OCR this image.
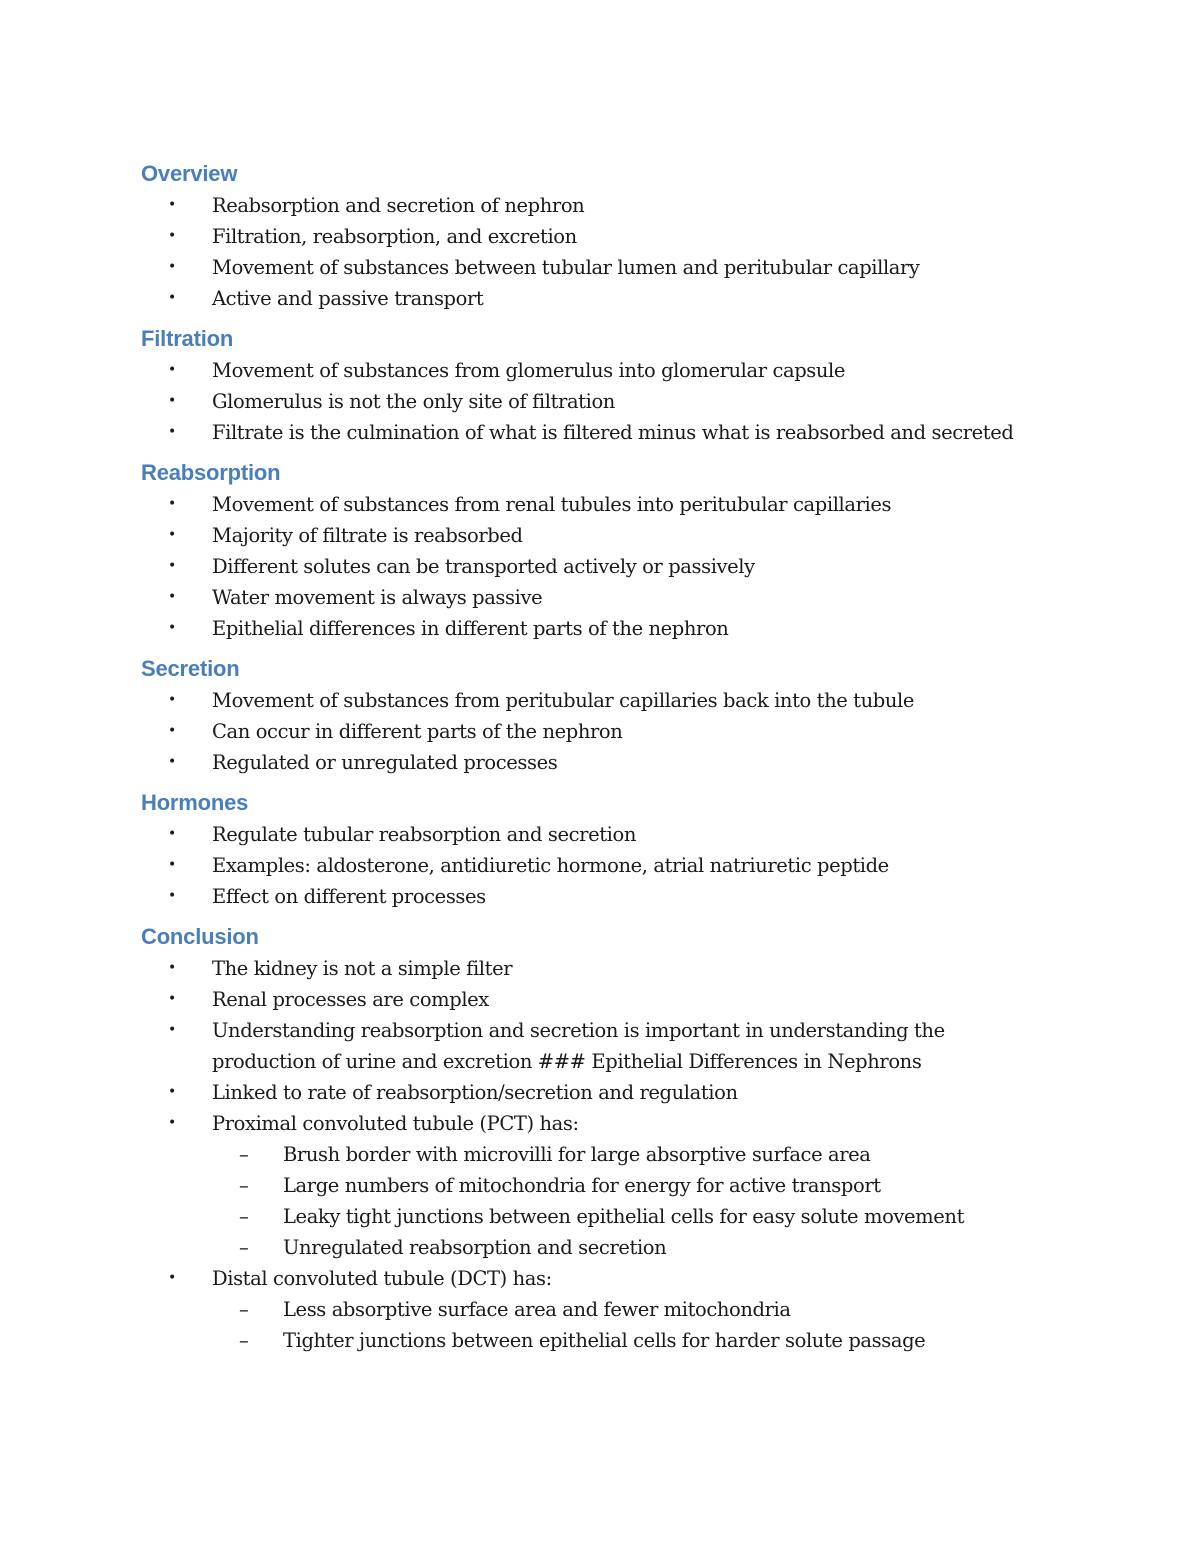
Overview
• Reabsorption and secretion of nephron
• Filtration, reabsorption, and excretion
• Movement of substances between tubular lumen and peritubular capillary
• Active and passive transport
Filtration
• Movement of substances from glomerulus into glomerular capsule
• Glomerulus is not the only site of filtration
• Filtrate is the culmination of what is filtered minus what is reabsorbed and secreted
Reabsorption
• Movement of substances from renal tubules into peritubular capillaries
• Majority of filtrate is reabsorbed
• Different solutes can be transported actively or passively
• Water movement is always passive
• Epithelial differences in different parts of the nephron
Secretion
• Movement of substances from peritubular capillaries back into the tubule
• Can occur in different parts of the nephron
• Regulated or unregulated processes
Hormones
• Regulate tubular reabsorption and secretion
• Examples: aldosterone, antidiuretic hormone, atrial natriuretic peptide
• Effect on different processes
Conclusion
• The kidney is not a simple filter
• Renal processes are complex
• Understanding reabsorption and secretion is important in understanding the
production of urine and excretion ### Epithelial Differences in Nephrons
• Linked to rate of reabsorption/secretion and regulation
• Proximal convoluted tubule (PCT) has:
– Brush border with microvilli for large absorptive surface area
– Large numbers of mitochondria for energy for active transport
– Leaky tight junctions between epithelial cells for easy solute movement
– Unregulated reabsorption and secretion
• Distal convoluted tubule (DCT) has:
– Less absorptive surface area and fewer mitochondria
– Tighter junctions between epithelial cells for harder solute passage
